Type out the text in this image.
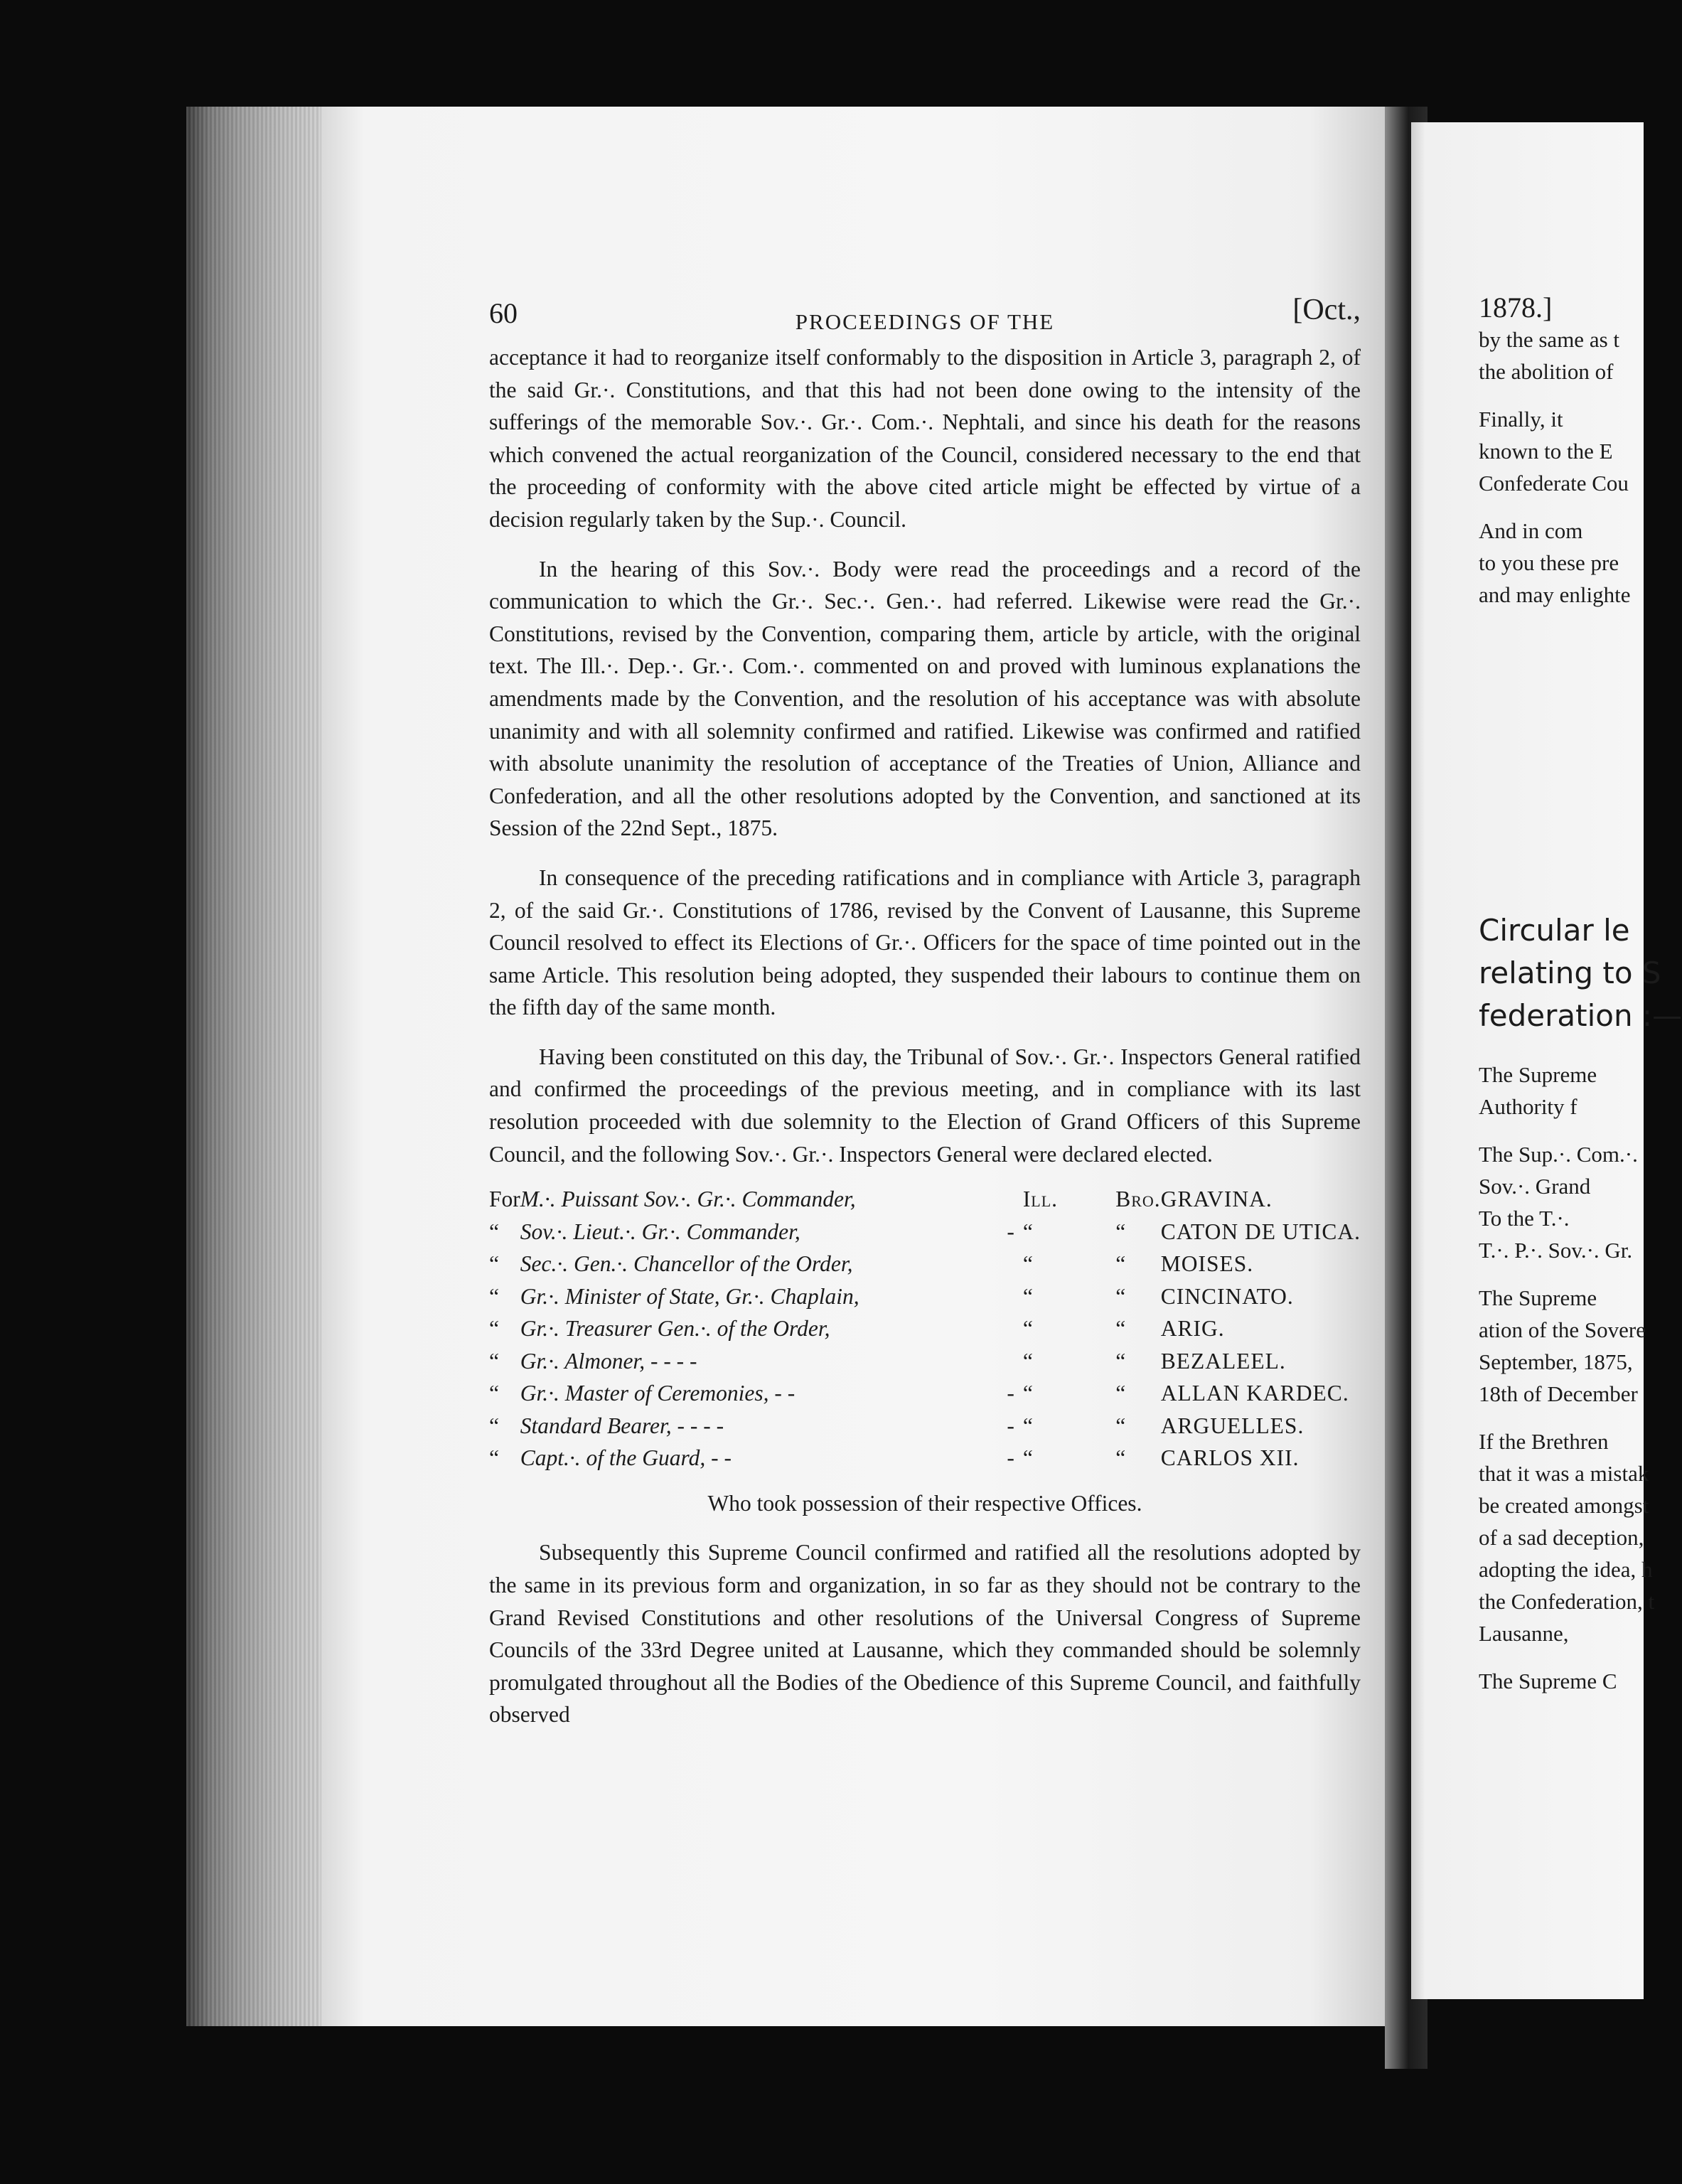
60	PROCEEDINGS OF THE	[Oct.,

acceptance it had to reorganize itself conformably to the disposition in Article 3, paragraph 2, of the said Gr.·. Constitutions, and that this had not been done owing to the intensity of the sufferings of the memorable Sov.·. Gr.·. Com.·. Nephtali, and since his death for the reasons which convened the actual reorganization of the Council, considered necessary to the end that the proceeding of conformity with the above cited article might be effected by virtue of a decision regularly taken by the Sup.·. Council.

In the hearing of this Sov.·. Body were read the proceedings and a record of the communication to which the Gr.·. Sec.·. Gen.·. had referred. Likewise were read the Gr.·. Constitutions, revised by the Convention, comparing them, article by article, with the original text. The Ill.·. Dep.·. Gr.·. Com.·. commented on and proved with luminous explanations the amendments made by the Convention, and the resolution of his acceptance was with absolute unanimity and with all solemnity confirmed and ratified. Likewise was confirmed and ratified with absolute unanimity the resolution of acceptance of the Treaties of Union, Alliance and Confederation, and all the other resolutions adopted by the Convention, and sanctioned at its Session of the 22nd Sept., 1875.

In consequence of the preceding ratifications and in compliance with Article 3, paragraph 2, of the said Gr.·. Constitutions of 1786, revised by the Convent of Lausanne, this Supreme Council resolved to effect its Elections of Gr.·. Officers for the space of time pointed out in the same Article. This resolution being adopted, they suspended their labours to continue them on the fifth day of the same month.

Having been constituted on this day, the Tribunal of Sov.·. Gr.·. Inspectors General ratified and confirmed the proceedings of the previous meeting, and in compliance with its last resolution proceeded with due solemnity to the Election of Grand Officers of this Supreme Council, and the following Sov.·. Gr.·. Inspectors General were declared elected.

For	M.·. Puissant Sov.·. Gr.·. Commander,		Ill.	Bro.	GRAVINA.
“	Sov.·. Lieut.·. Gr.·. Commander,	-	“	“	CATON DE UTICA.
“	Sec.·. Gen.·. Chancellor of the Order,		“	“	MOISES.
“	Gr.·. Minister of State, Gr.·. Chaplain,		“	“	CINCINATO.
“	Gr.·. Treasurer Gen.·. of the Order,		“	“	ARIG.
“	Gr.·. Almoner, - - - -		“	“	BEZALEEL.
“	Gr.·. Master of Ceremonies, - -	-	“	“	ALLAN KARDEC.
“	Standard Bearer, - - - -	-	“	“	ARGUELLES.
“	Capt.·. of the Guard, - -	-	“	“	CARLOS XII.

Who took possession of their respective Offices.

Subsequently this Supreme Council confirmed and ratified all the resolutions adopted by the same in its previous form and organization, in so far as they should not be contrary to the Grand Revised Constitutions and other resolutions of the Universal Congress of Supreme Councils of the 33rd Degree united at Lausanne, which they commanded should be solemnly promulgated throughout all the Bodies of the Obedience of this Supreme Council, and faithfully observed

1878.]

by the same as t

the abolition of

Finally, it

known to the E

Confederate Cou

And in com

to you these pre

and may enlighte

Circular le

relating to S

federation :—

The Supreme

Authority f

The Sup.·. Com.·.

Sov.·. Grand

To the T.·.

T.·. P.·. Sov.·. Gr.

The Supreme

ation of the Sovere

September, 1875,

18th of December

If the Brethren

that it was a mistak

be created amongst

of a sad deception,

adopting the idea, h

the Confederation, t

Lausanne,

The Supreme C
